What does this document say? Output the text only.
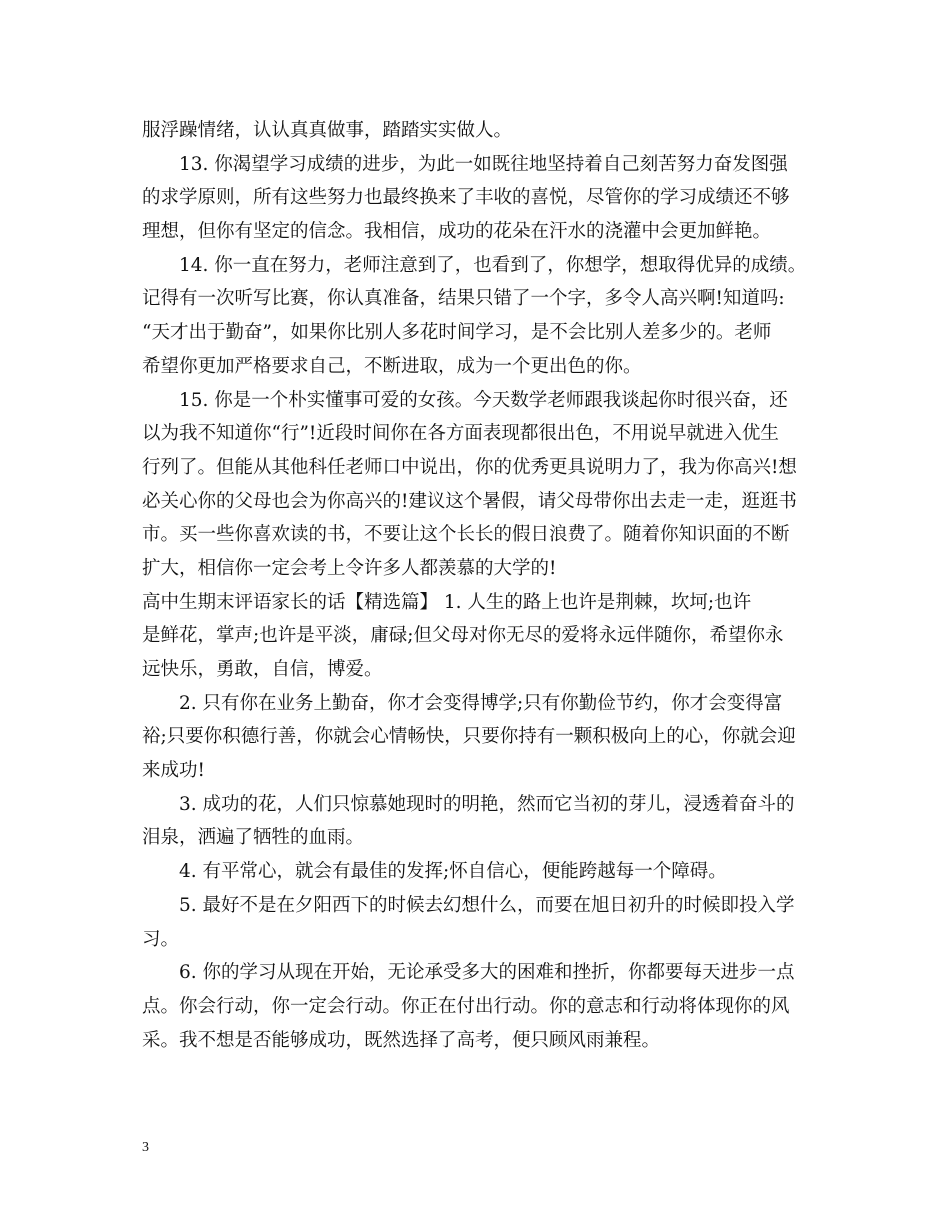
服浮躁情绪，认认真真做事，踏踏实实做人。
13. 你渴望学习成绩的进步，为此一如既往地坚持着自己刻苦努力奋发图强
的求学原则，所有这些努力也最终换来了丰收的喜悦，尽管你的学习成绩还不够
理想，但你有坚定的信念。我相信，成功的花朵在汗水的浇灌中会更加鲜艳。
14. 你一直在努力，老师注意到了，也看到了，你想学，想取得优异的成绩。
记得有一次听写比赛，你认真准备，结果只错了一个字，多令人高兴啊!知道吗:
“天才出于勤奋”，如果你比别人多花时间学习，是不会比别人差多少的。老师
希望你更加严格要求自己，不断进取，成为一个更出色的你。
15. 你是一个朴实懂事可爱的女孩。今天数学老师跟我谈起你时很兴奋，还
以为我不知道你“行”!近段时间你在各方面表现都很出色，不用说早就进入优生
行列了。但能从其他科任老师口中说出，你的优秀更具说明力了，我为你高兴!想
必关心你的父母也会为你高兴的!建议这个暑假，请父母带你出去走一走，逛逛书
市。买一些你喜欢读的书，不要让这个长长的假日浪费了。随着你知识面的不断
扩大，相信你一定会考上令许多人都羡慕的大学的!
高中生期末评语家长的话【精选篇】 1. 人生的路上也许是荆棘，坎坷;也许
是鲜花，掌声;也许是平淡，庸碌;但父母对你无尽的爱将永远伴随你，希望你永
远快乐，勇敢，自信，博爱。
2. 只有你在业务上勤奋，你才会变得博学;只有你勤俭节约，你才会变得富
裕;只要你积德行善，你就会心情畅快，只要你持有一颗积极向上的心，你就会迎
来成功!
3. 成功的花，人们只惊慕她现时的明艳，然而它当初的芽儿，浸透着奋斗的
泪泉，洒遍了牺牲的血雨。
4. 有平常心，就会有最佳的发挥;怀自信心，便能跨越每一个障碍。
5. 最好不是在夕阳西下的时候去幻想什么，而要在旭日初升的时候即投入学
习。
6. 你的学习从现在开始，无论承受多大的困难和挫折，你都要每天进步一点
点。你会行动，你一定会行动。你正在付出行动。你的意志和行动将体现你的风
采。我不想是否能够成功，既然选择了高考，便只顾风雨兼程。
3
